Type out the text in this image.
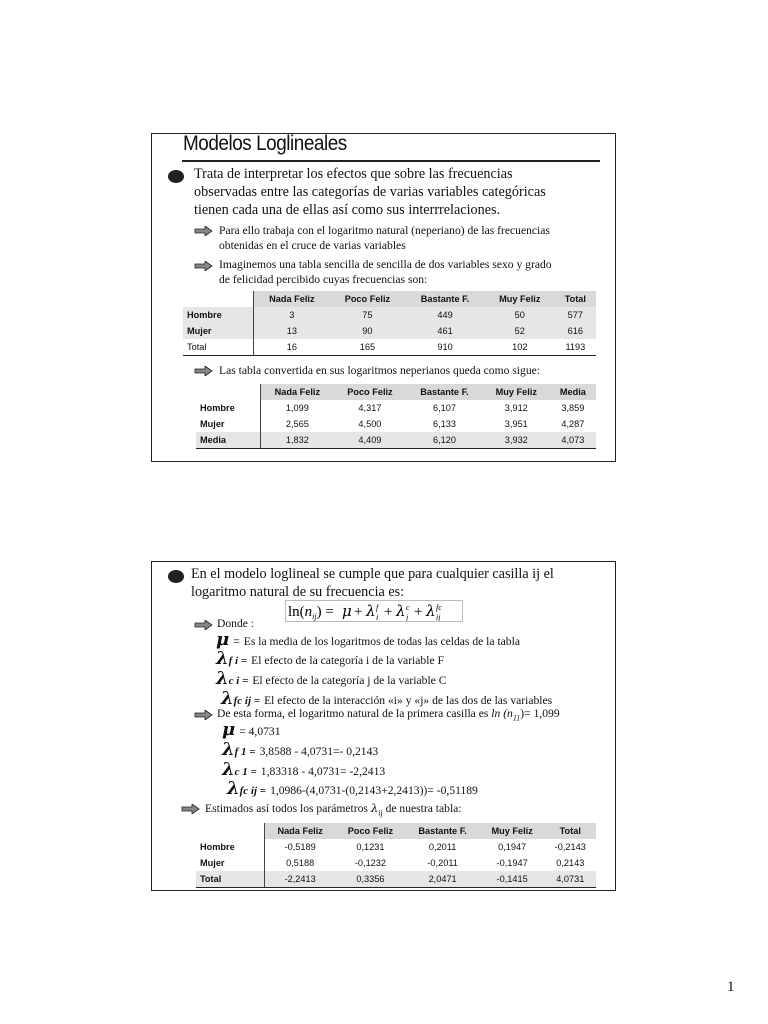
Modelos Loglineales
Trata de interpretar los efectos que sobre las frecuencias
observadas entre las categorías de varias variables categóricas
tienen cada una de ellas así como sus interrrelaciones.
Para ello trabaja con el logaritmo natural (neperiano) de las frecuencias
obtenidas en el cruce de varias variables
Imaginemos una tabla sencilla de sencilla de dos variables sexo y grado
de felicidad percibido cuyas frecuencias son:
	Nada Feliz	Poco Feliz	Bastante F.	Muy Feliz	Total
Hombre	3	75	449	50	577
Mujer	13	90	461	52	616
Total	16	165	910	102	1193
Las tabla convertida en sus logaritmos neperianos queda como sigue:
	Nada Feliz	Poco Feliz	Bastante F.	Muy Feliz	Media
Hombre	1,099	4,317	6,107	3,912	3,859
Mujer	2,565	4,500	6,133	3,951	4,287
Media	1,832	4,409	6,120	3,932	4,073
En el modelo loglineal se cumple que para cualquier casilla ij el
logaritmo natural de su frecuencia es:
$\ln(n_{ij}) = \mu + \lambda$ f
i + λ c
j + λ fc
ij
Donde :
μ = Es la media de los logaritmos de todas las celdas de la tabla
λf i = El efecto de la categoría i de la variable F
λc i = El efecto de la categoría j de la variable C
λfc ij = El efecto de la interacción «i» y «j» de las dos de las variables
De esta forma, el logaritmo natural de la primera casilla es $\ln (n_{11})= 1,099$
μ = 4,0731
λf 1 = 3,8588 - 4,0731=- 0,2143
λc 1 = 1,83318 - 4,0731= -2,2413
λfc ij = 1,0986-(4,0731-(0,2143+2,2413))= -0,51189
Estimados así todos los parámetros $\lambda_{ij}$ de nuestra tabla:
	Nada Feliz	Poco Feliz	Bastante F.	Muy Feliz	Total
Hombre	-0,5189	0,1231	0,2011	0,1947	-0,2143
Mujer	0,5188	-0,1232	-0,2011	-0,1947	0,2143
Total	-2,2413	0,3356	2,0471	-0,1415	4,0731
1
